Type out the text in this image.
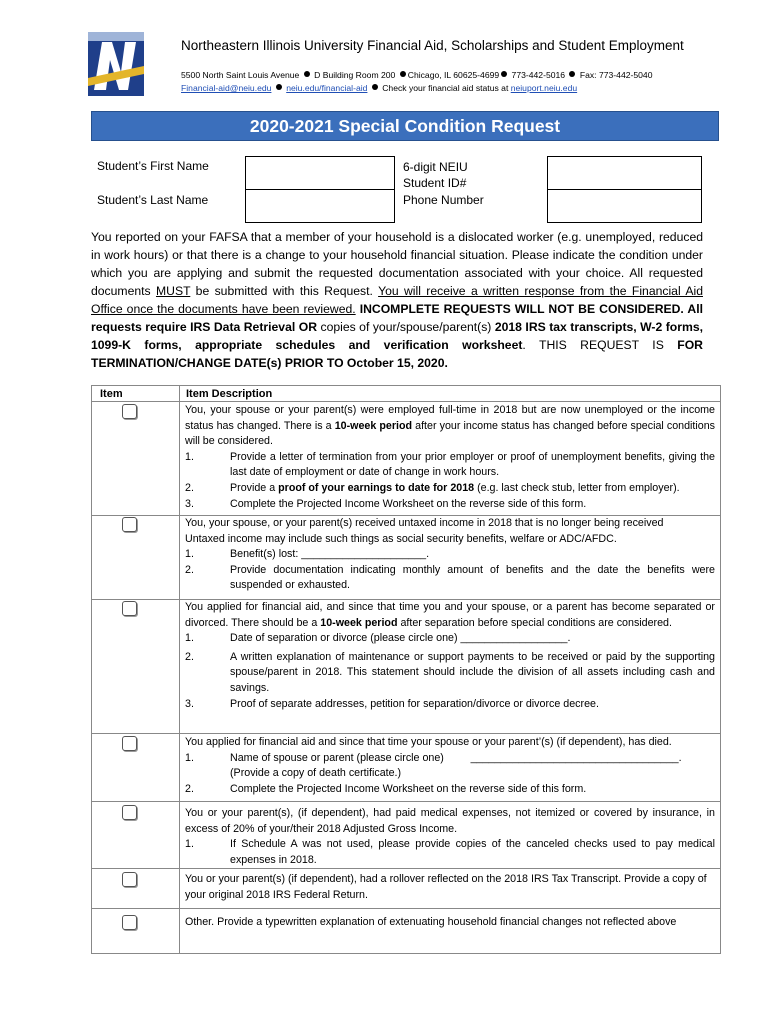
Northeastern Illinois University Financial Aid, Scholarships and Student Employment
5500 North Saint Louis Avenue D Building Room 200 Chicago, IL 60625-4699 773-442-5016 Fax: 773-442-5040
Financial-aid@neiu.edu neiu.edu/financial-aid Check your financial aid status at neiuport.neiu.edu
2020-2021 Special Condition Request
Student’s First Name
Student’s Last Name
6-digit NEIU
Student ID#
Phone Number
You reported on your FAFSA that a member of your household is a dislocated worker (e.g. unemployed, reduced in work hours) or that there is a change to your household financial situation. Please indicate the condition under which you are applying and submit the requested documentation associated with your choice. All requested documents MUST be submitted with this Request. You will receive a written response from the Financial Aid Office once the documents have been reviewed. INCOMPLETE REQUESTS WILL NOT BE CONSIDERED. All requests require IRS Data Retrieval OR copies of your/spouse/parent(s) 2018 IRS tax transcripts, W-2 forms, 1099-K forms, appropriate schedules and verification worksheet. THIS REQUEST IS FOR TERMINATION/CHANGE DATE(s) PRIOR TO October 15, 2020.
Item	Item Description

You, your spouse or your parent(s) were employed full-time in 2018 but are now unemployed or the income status has changed. There is a 10-week period after your income status has changed before special conditions will be considered.

1.	Provide a letter of termination from your prior employer or proof of unemployment benefits, giving the last date of employment or date of change in work hours.
2.	Provide a proof of your earnings to date for 2018 (e.g. last check stub, letter from employer).
3.	Complete the Projected Income Worksheet on the reverse side of this form.

You, your spouse, or your parent(s) received untaxed income in 2018 that is no longer being received

Untaxed income may include such things as social security benefits, welfare or ADC/AFDC.

1.	Benefit(s) lost: _____________________.
2.	Provide documentation indicating monthly amount of benefits and the date the benefits were suspended or exhausted.

You applied for financial aid, and since that time you and your spouse, or a parent has become separated or divorced. There should be a 10-week period after separation before special conditions are considered.

1.	Date of separation or divorce (please circle one) __________________.
2.	A written explanation of maintenance or support payments to be received or paid by the supporting spouse/parent in 2018. This statement should include the division of all assets including cash and savings.
3.	Proof of separate addresses, petition for separation/divorce or divorce decree.

You applied for financial aid and since that time your spouse or your parent’(s) (if dependent), has died.

1.	Name of spouse or parent (please circle one)         ___________________________________.
(Provide a copy of death certificate.)
2.	Complete the Projected Income Worksheet on the reverse side of this form.

You or your parent(s), (if dependent), had paid medical expenses, not itemized or covered by insurance, in excess of 20% of your/their 2018 Adjusted Gross Income.

1.	If Schedule A was not used, please provide copies of the canceled checks used to pay medical expenses in 2018.

You or your parent(s) (if dependent), had a rollover reflected on the 2018 IRS Tax Transcript. Provide a copy of your original 2018 IRS Federal Return.

Other. Provide a typewritten explanation of extenuating household financial changes not reflected above
